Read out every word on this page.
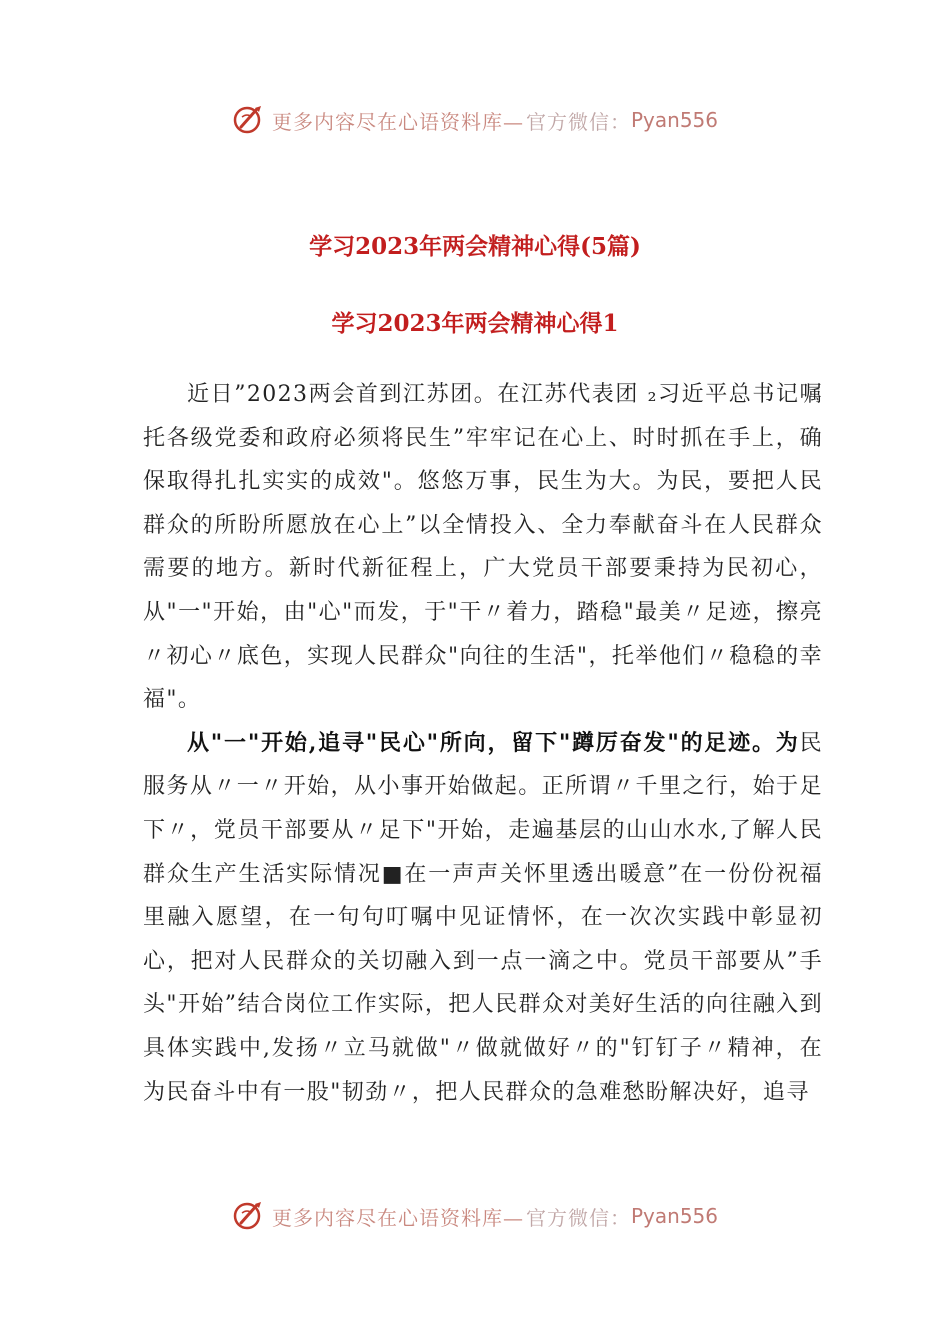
更多内容尽在心语资料库— 官方微信： Pyan556
学习2023年两会精神心得(5篇)
学习2023年两会精神心得1

近日”2023两会首到江苏团。在江苏代表团 ₂习近平总书记嘱托各级党委和政府必须将民生”牢牢记在心上、时时抓在手上，确保取得扎扎实实的成效"。悠悠万事，民生为大。为民，要把人民群众的所盼所愿放在心上”以全情投入、全力奉献奋斗在人民群众需要的地方。新时代新征程上，广大党员干部要秉持为民初心，从"一"开始，由"心"而发，于"干〃着力，踏稳"最美〃足迹，擦亮〃初心〃底色，实现人民群众"向往的生活"，托举他们〃稳稳的幸福"。

从"一"开始,追寻"民心"所向，留下"蹲厉奋发"的足迹。为民服务从〃一〃开始，从小事开始做起。正所谓〃千里之行，始于足下〃，党员干部要从〃足下"开始，走遍基层的山山水水,了解人民群众生产生活实际情况■在一声声关怀里透出暖意”在一份份祝福里融入愿望，在一句句叮嘱中见证情怀，在一次次实践中彰显初心，把对人民群众的关切融入到一点一滴之中。党员干部要从”手头"开始”结合岗位工作实际，把人民群众对美好生活的向往融入到具体实践中,发扬〃立马就做"〃做就做好〃的"钉钉子〃精神，在为民奋斗中有一股"韧劲〃，把人民群众的急难愁盼解决好，追寻

更多内容尽在心语资料库— 官方微信： Pyan556
